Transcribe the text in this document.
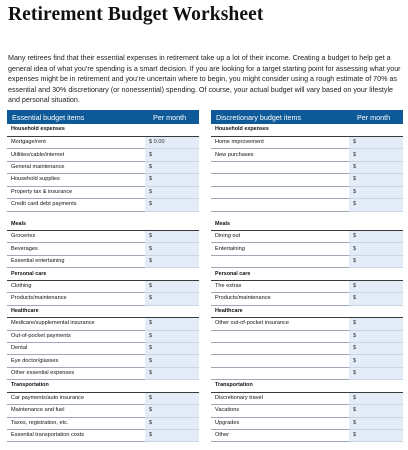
Retirement Budget Worksheet

Many retirees find that their essential expenses in retirement take up a lot of their income. Creating a budget to help get a general idea of what you’re spending is a smart decision. If you are looking for a target starting point for assessing what your expenses might be in retirement and you’re uncertain where to begin, you might consider using a rough estimate of 70% as essential and 30% discretionary (or nonessential) spending. Of course, your actual budget will vary based on your lifestyle and personal situation.

Essential budget items	Per month
Household expenses	
Mortgage/rent	$ 0.00
Utilities/cable/internet	$
General maintenance	$
Household supplies	$
Property tax & insurance	$
Credit card debt payments	$

Meals	
Groceries	$
Beverages	$
Essential entertaining	$
Personal care	
Clothing	$
Products/maintenance	$
Healthcare	
Medicare/supplemental insurance	$
Out-of-pocket payments	$
Dental	$
Eye doctor/glasses	$
Other essential expenses	$
Transportation	
Car payments/auto insurance	$
Maintenance and fuel	$
Taxes, registration, etc.	$
Essential transportation costs	$
Discretionary budget items	Per month
Household expenses	
Home improvement	$
New purchases	$
	$
	$
	$
	$

Meals	
Dining out	$
Entertaining	$
	$
Personal care	
The extras	$
Products/maintenance	$
Healthcare	
Other out-of-pocket insurance	$
	$
	$
	$
	$
Transportation	
Discretionary travel	$
Vacations	$
Upgrades	$
Other	$
